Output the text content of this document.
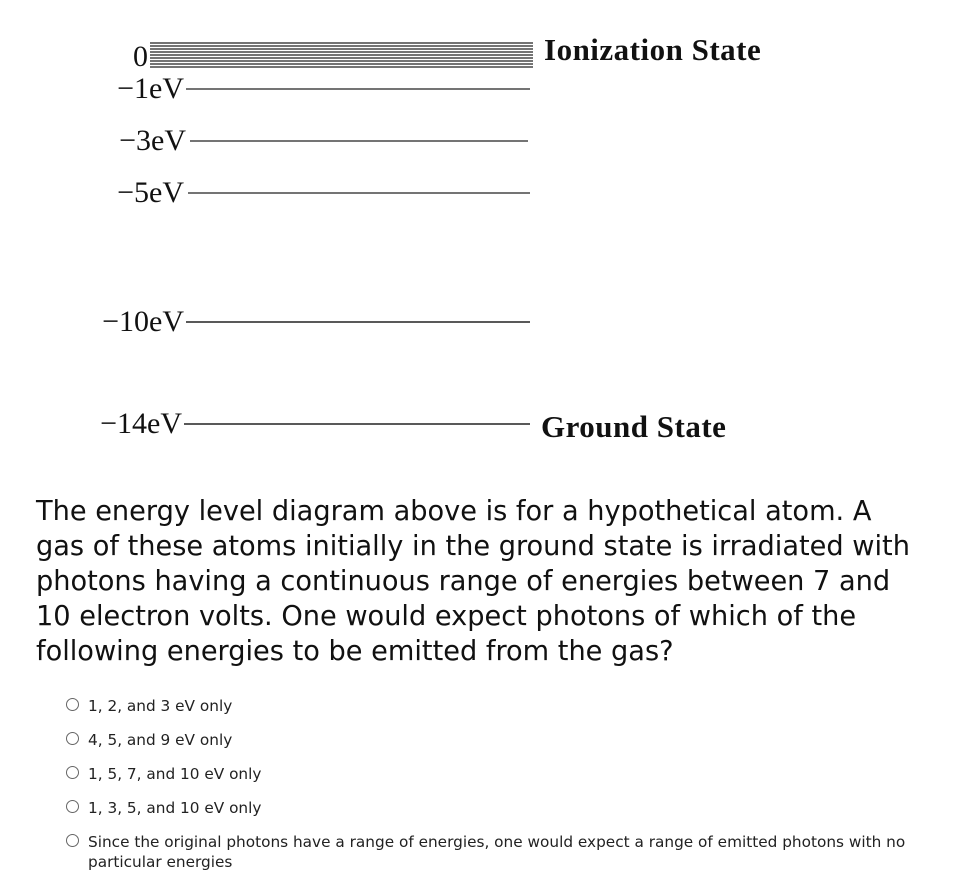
0
−1eV
−3eV
−5eV
−10eV
−14eV
Ionization State
Ground State

The energy level diagram above is for a hypothetical atom. A gas of these atoms initially in the ground state is irradiated with photons having a continuous range of energies between 7 and 10 electron volts. One would expect photons of which of the following energies to be emitted from the gas?

1, 2, and 3 eV only
4, 5, and 9 eV only
1, 5, 7, and 10 eV only
1, 3, 5, and 10 eV only
Since the original photons have a range of energies, one would expect a range of emitted photons with no particular energies
